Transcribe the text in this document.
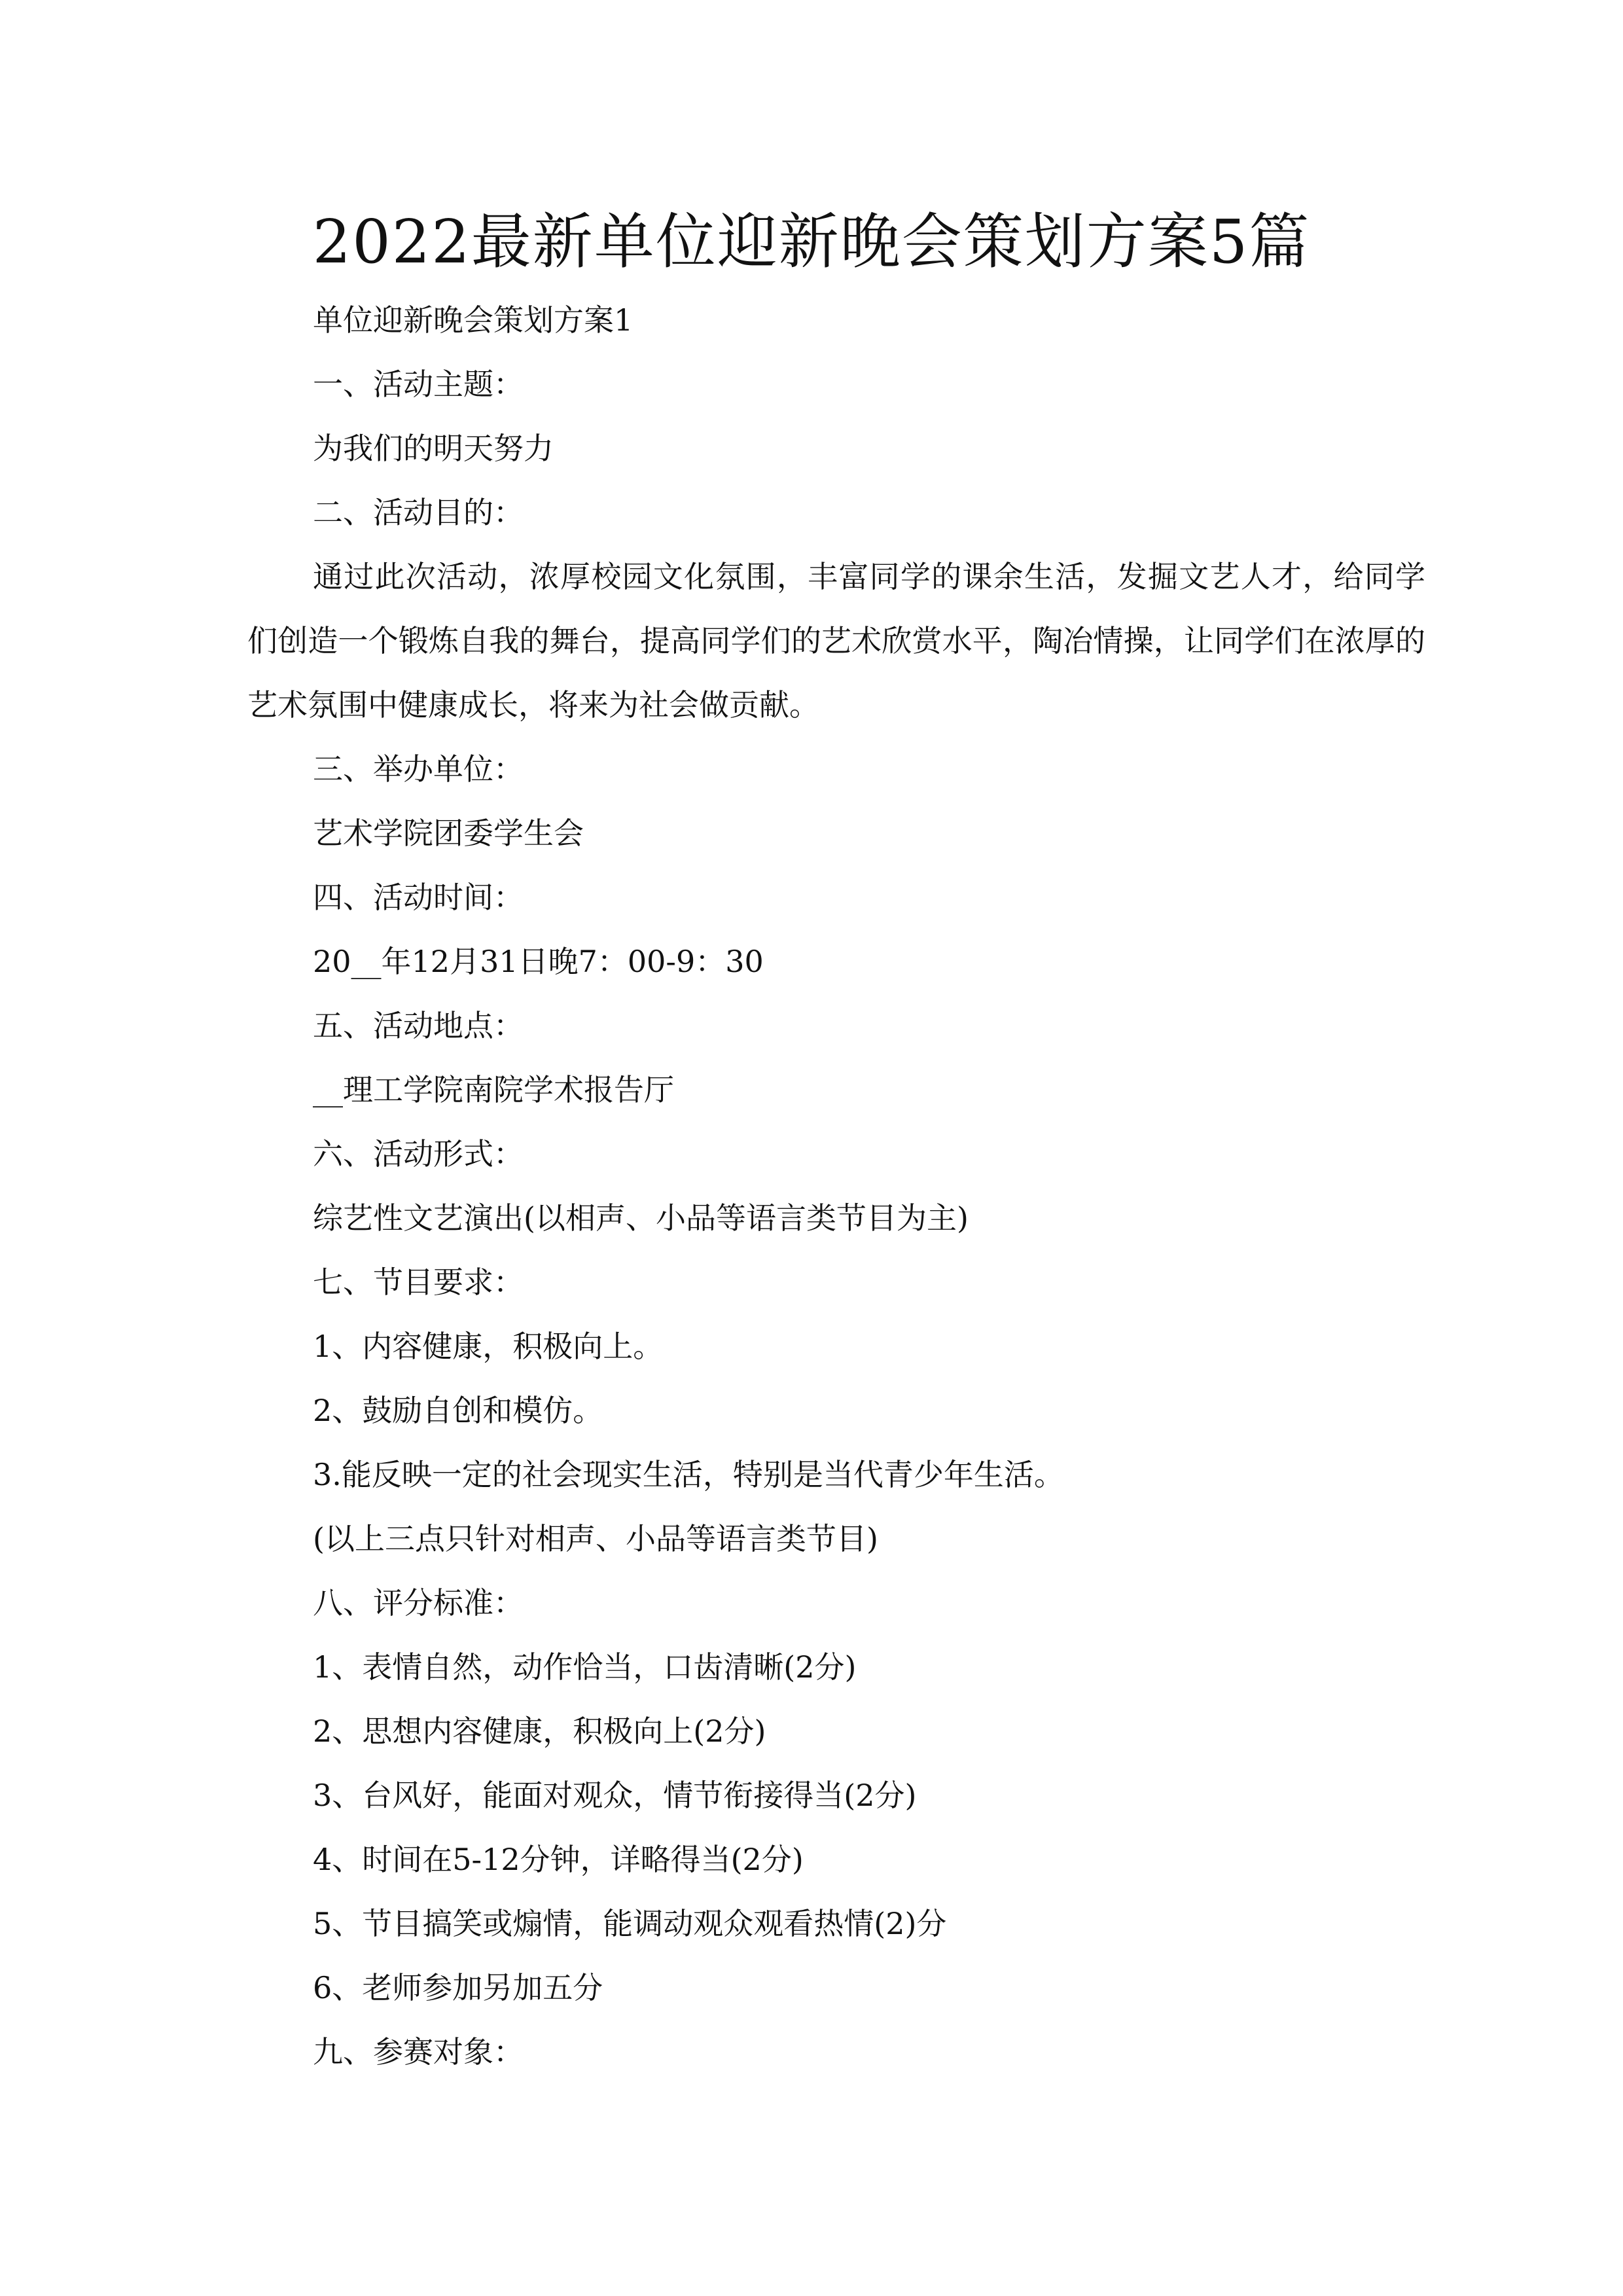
2022最新单位迎新晚会策划方案5篇
单位迎新晚会策划方案1
一、活动主题：
为我们的明天努力
二、活动目的：

通过此次活动，浓厚校园文化氛围，丰富同学的课余生活，发掘文艺人才，给同学们创造一个锻炼自我的舞台，提高同学们的艺术欣赏水平，陶冶情操，让同学们在浓厚的艺术氛围中健康成长，将来为社会做贡献。

三、举办单位：
艺术学院团委学生会
四、活动时间：
20__年12月31日晚7：00-9：30
五、活动地点：
__理工学院南院学术报告厅
六、活动形式：
综艺性文艺演出(以相声、小品等语言类节目为主)
七、节目要求：
1、内容健康，积极向上。
2、鼓励自创和模仿。
3.能反映一定的社会现实生活，特别是当代青少年生活。
(以上三点只针对相声、小品等语言类节目)
八、评分标准：
1、表情自然，动作恰当，口齿清晰(2分)
2、思想内容健康，积极向上(2分)
3、台风好，能面对观众，情节衔接得当(2分)
4、时间在5-12分钟，详略得当(2分)
5、节目搞笑或煽情，能调动观众观看热情(2)分
6、老师参加另加五分
九、参赛对象：
